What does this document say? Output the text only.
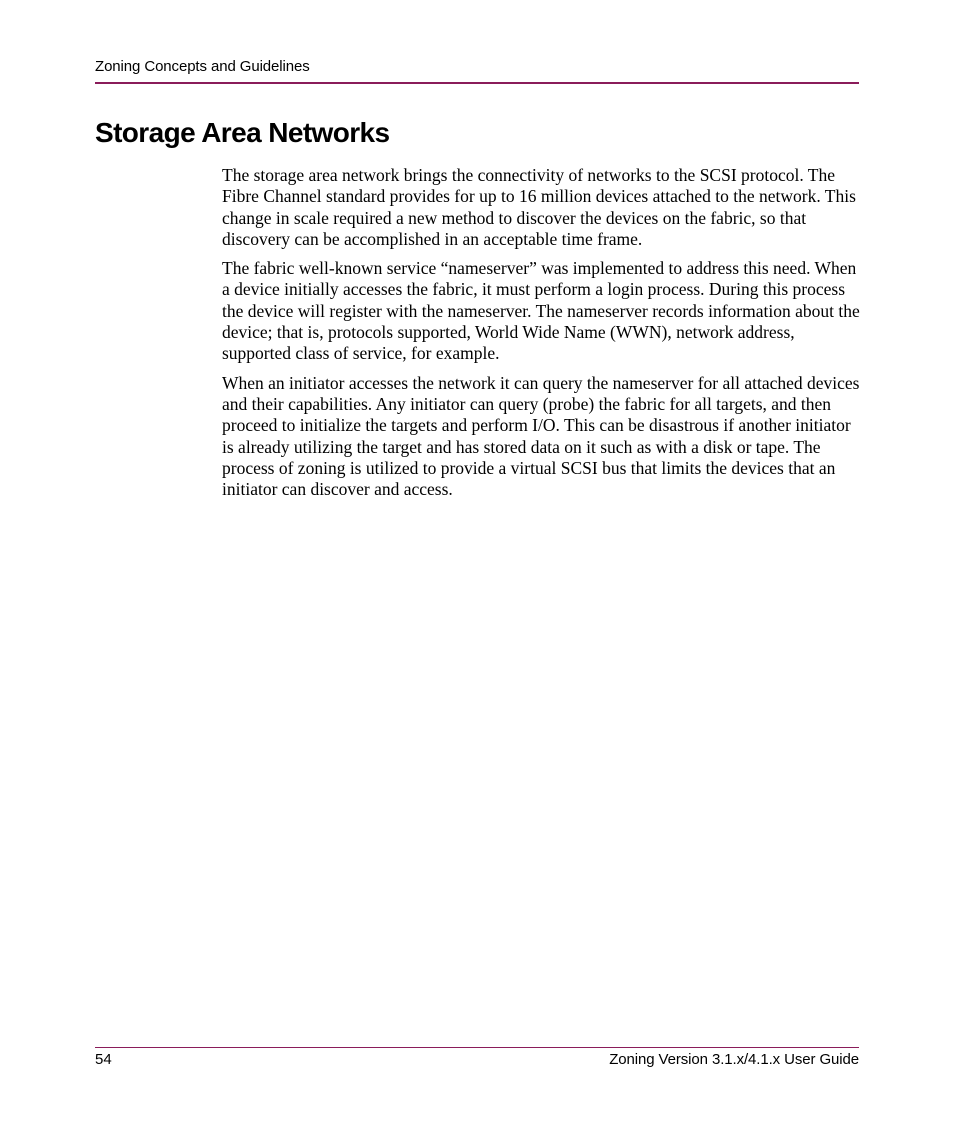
Zoning Concepts and Guidelines
Storage Area Networks

The storage area network brings the connectivity of networks to the SCSI protocol. The Fibre Channel standard provides for up to 16 million devices attached to the network. This change in scale required a new method to discover the devices on the fabric, so that discovery can be accomplished in an acceptable time frame.

The fabric well-known service “nameserver” was implemented to address this need. When a device initially accesses the fabric, it must perform a login process. During this process the device will register with the nameserver. The nameserver records information about the device; that is, protocols supported, World Wide Name (WWN), network address, supported class of service, for example.

When an initiator accesses the network it can query the nameserver for all attached devices and their capabilities. Any initiator can query (probe) the fabric for all targets, and then proceed to initialize the targets and perform I/O. This can be disastrous if another initiator is already utilizing the target and has stored data on it such as with a disk or tape. The process of zoning is utilized to provide a virtual SCSI bus that limits the devices that an initiator can discover and access.

54	Zoning Version 3.1.x/4.1.x User Guide
